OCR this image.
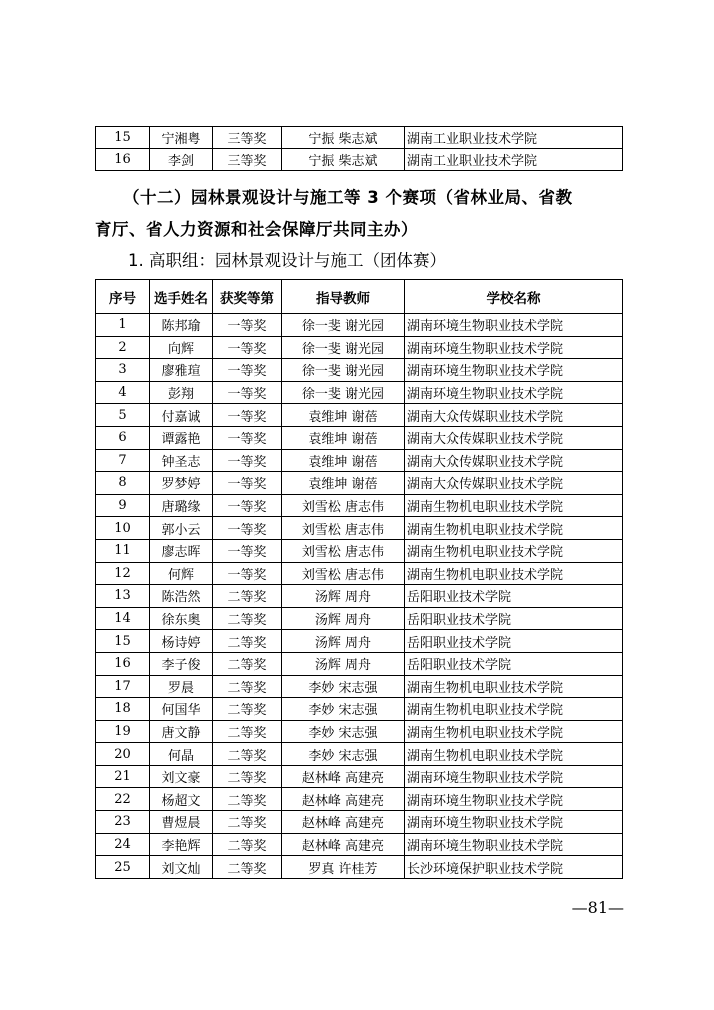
15	宁湘粤	三等奖	宁振 柴志斌	湖南工业职业技术学院
16	李剑	三等奖	宁振 柴志斌	湖南工业职业技术学院
（十二）园林景观设计与施工等 3 个赛项（省林业局、省教
育厅、省人力资源和社会保障厅共同主办）
1. 高职组：园林景观设计与施工（团体赛）
序号	选手姓名	获奖等第	指导教师	学校名称
1	陈邦瑜	一等奖	徐一斐 谢光园	湖南环境生物职业技术学院
2	向辉	一等奖	徐一斐 谢光园	湖南环境生物职业技术学院
3	廖雅瑄	一等奖	徐一斐 谢光园	湖南环境生物职业技术学院
4	彭翔	一等奖	徐一斐 谢光园	湖南环境生物职业技术学院
5	付嘉诚	一等奖	袁维坤 谢蓓	湖南大众传媒职业技术学院
6	谭露艳	一等奖	袁维坤 谢蓓	湖南大众传媒职业技术学院
7	钟圣志	一等奖	袁维坤 谢蓓	湖南大众传媒职业技术学院
8	罗梦婷	一等奖	袁维坤 谢蓓	湖南大众传媒职业技术学院
9	唐璐缘	一等奖	刘雪松 唐志伟	湖南生物机电职业技术学院
10	郭小云	一等奖	刘雪松 唐志伟	湖南生物机电职业技术学院
11	廖志晖	一等奖	刘雪松 唐志伟	湖南生物机电职业技术学院
12	何辉	一等奖	刘雪松 唐志伟	湖南生物机电职业技术学院
13	陈浩然	二等奖	汤辉 周舟	岳阳职业技术学院
14	徐东奥	二等奖	汤辉 周舟	岳阳职业技术学院
15	杨诗婷	二等奖	汤辉 周舟	岳阳职业技术学院
16	李子俊	二等奖	汤辉 周舟	岳阳职业技术学院
17	罗晨	二等奖	李妙 宋志强	湖南生物机电职业技术学院
18	何国华	二等奖	李妙 宋志强	湖南生物机电职业技术学院
19	唐文静	二等奖	李妙 宋志强	湖南生物机电职业技术学院
20	何晶	二等奖	李妙 宋志强	湖南生物机电职业技术学院
21	刘文豪	二等奖	赵林峰 高建亮	湖南环境生物职业技术学院
22	杨超文	二等奖	赵林峰 高建亮	湖南环境生物职业技术学院
23	曹煜晨	二等奖	赵林峰 高建亮	湖南环境生物职业技术学院
24	李艳辉	二等奖	赵林峰 高建亮	湖南环境生物职业技术学院
25	刘文灿	二等奖	罗真 许桂芳	长沙环境保护职业技术学院
—81—
